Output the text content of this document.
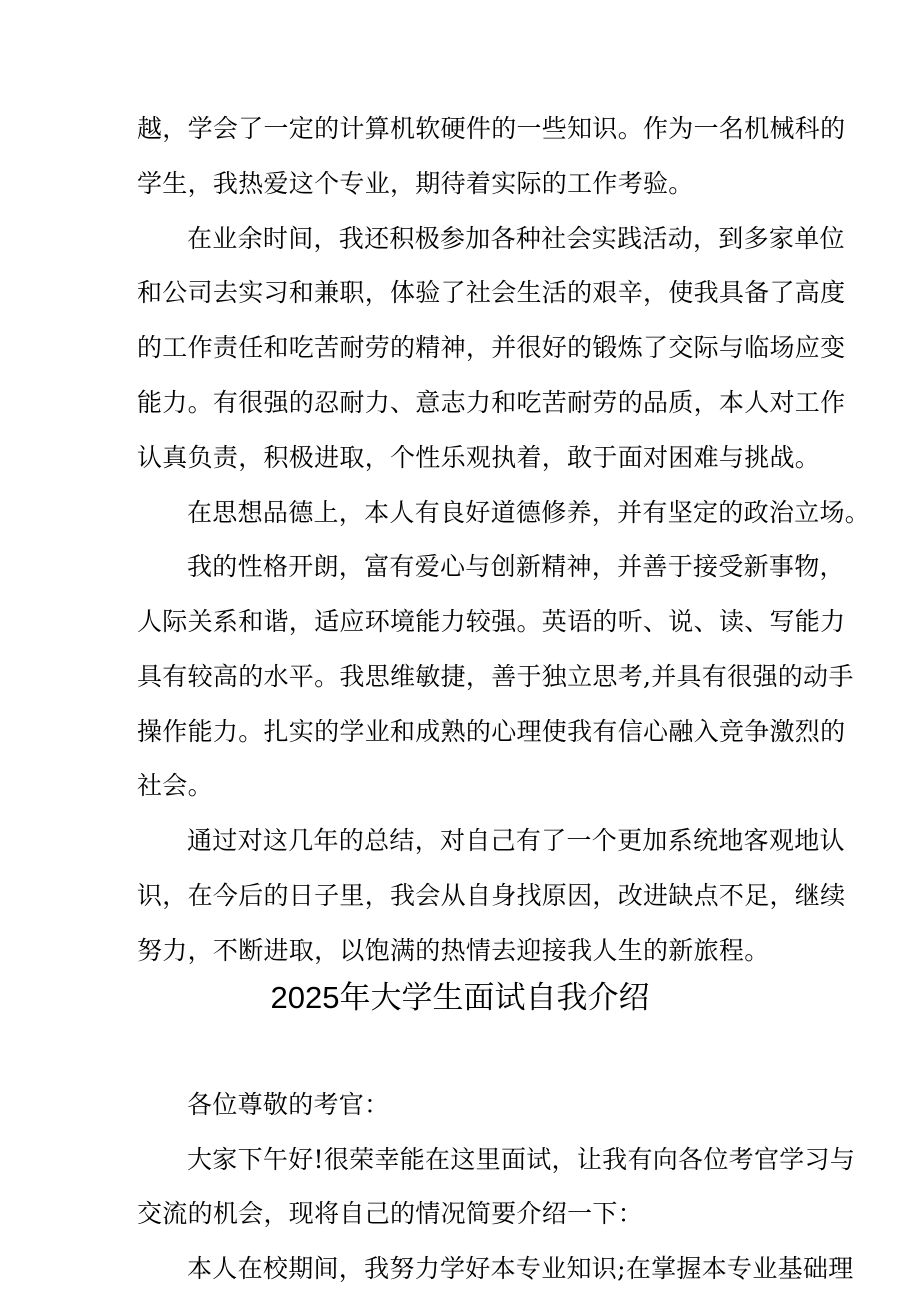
越，学会了一定的计算机软硬件的一些知识。作为一名机械科的
学生，我热爱这个专业，期待着实际的工作考验。
在业余时间，我还积极参加各种社会实践活动，到多家单位
和公司去实习和兼职，体验了社会生活的艰辛，使我具备了高度
的工作责任和吃苦耐劳的精神，并很好的锻炼了交际与临场应变
能力。有很强的忍耐力、意志力和吃苦耐劳的品质，本人对工作
认真负责，积极进取，个性乐观执着，敢于面对困难与挑战。
在思想品德上，本人有良好道德修养，并有坚定的政治立场。
我的性格开朗，富有爱心与创新精神，并善于接受新事物，
人际关系和谐，适应环境能力较强。英语的听、说、读、写能力
具有较高的水平。我思维敏捷，善于独立思考,并具有很强的动手
操作能力。扎实的学业和成熟的心理使我有信心融入竞争激烈的
社会。
通过对这几年的总结，对自己有了一个更加系统地客观地认
识，在今后的日子里，我会从自身找原因，改进缺点不足，继续
努力，不断进取，以饱满的热情去迎接我人生的新旅程。
2025年大学生面试自我介绍
各位尊敬的考官：
大家下午好!很荣幸能在这里面试，让我有向各位考官学习与
交流的机会，现将自己的情况简要介绍一下：
本人在校期间，我努力学好本专业知识;在掌握本专业基础理
